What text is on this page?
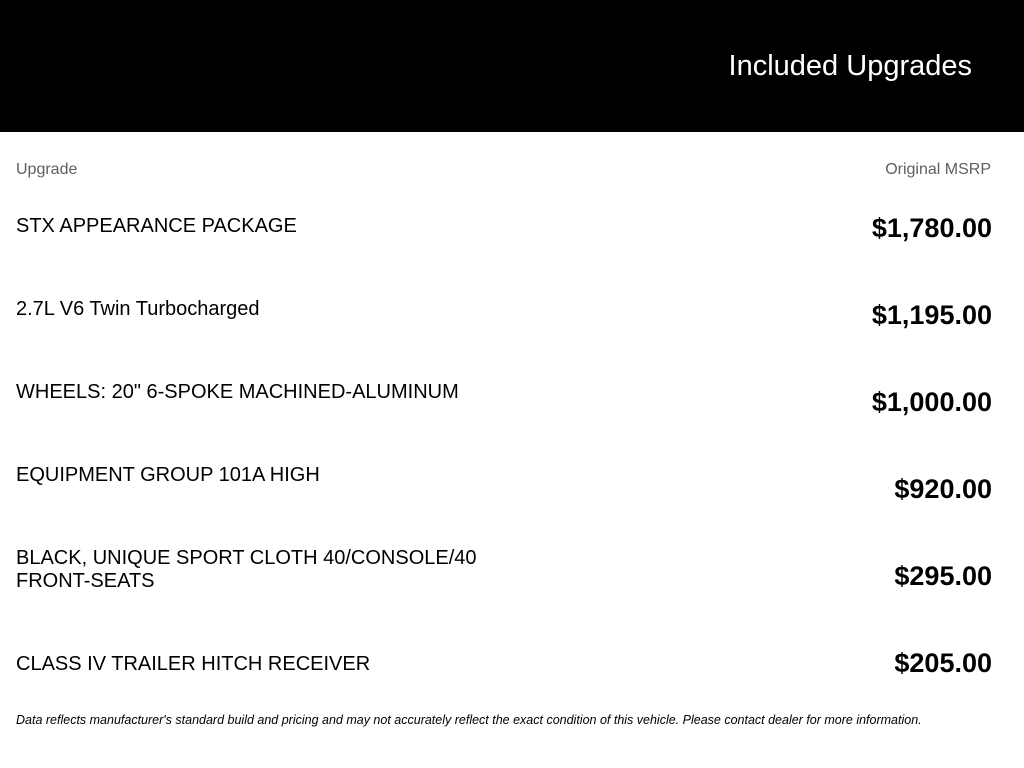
Included Upgrades
Upgrade	Original MSRP
STX APPEARANCE PACKAGE	$1,780.00
2.7L V6 Twin Turbocharged	$1,195.00
WHEELS: 20" 6-SPOKE MACHINED-ALUMINUM	$1,000.00
EQUIPMENT GROUP 101A HIGH	$920.00
BLACK, UNIQUE SPORT CLOTH 40/CONSOLE/40 FRONT-SEATS	$295.00
CLASS IV TRAILER HITCH RECEIVER	$205.00
Data reflects manufacturer's standard build and pricing and may not accurately reflect the exact condition of this vehicle. Please contact dealer for more information.
